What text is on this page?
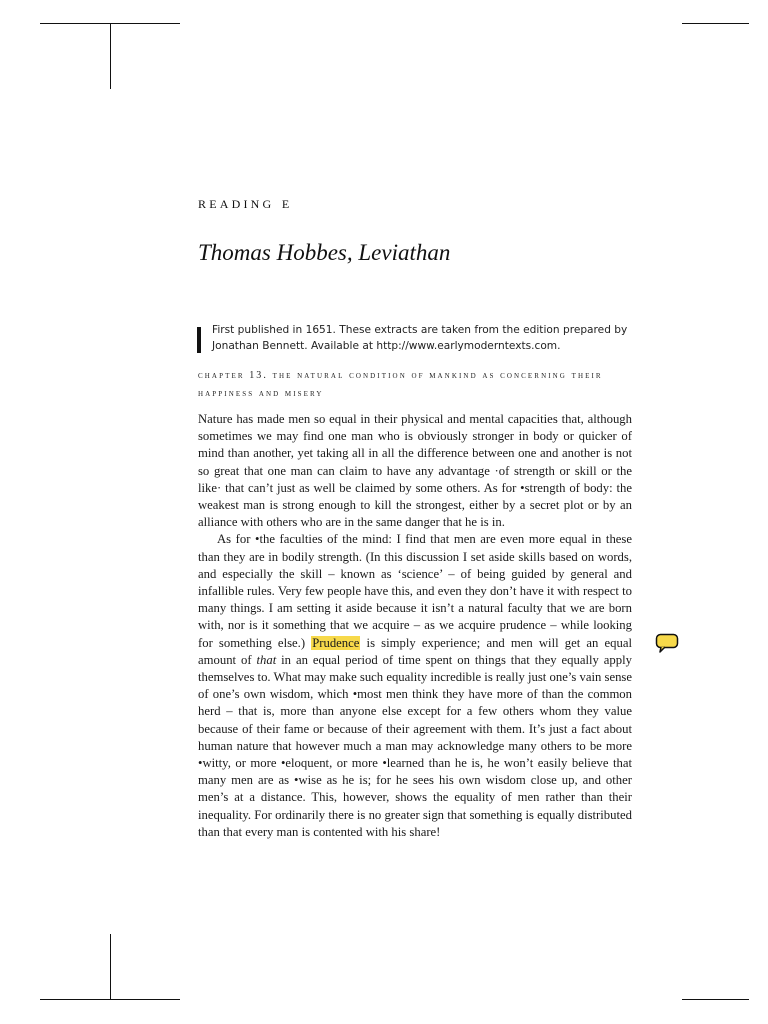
reading e
Thomas Hobbes, Leviathan
First published in 1651. These extracts are taken from the edition prepared by
Jonathan Bennett. Available at http://www.earlymoderntexts.com.
chapter 13. the natural condition of mankind as concerning their happiness and misery

Nature has made men so equal in their physical and mental capacities that, although sometimes we may find one man who is obviously stronger in body or quicker of mind than another, yet taking all in all the difference between one and another is not so great that one man can claim to have any advantage ·of strength or skill or the like· that can’t just as well be claimed by some others. As for •strength of body: the weakest man is strong enough to kill the strongest, either by a secret plot or by an alliance with others who are in the same danger that he is in.

As for •the faculties of the mind: I find that men are even more equal in these than they are in bodily strength. (In this discussion I set aside skills based on words, and especially the skill – known as ‘science’ – of being guided by general and infallible rules. Very few people have this, and even they don’t have it with respect to many things. I am setting it aside because it isn’t a natural faculty that we are born with, nor is it something that we acquire – as we acquire prudence – while looking for something else.) Prudence is simply experience; and men will get an equal amount of that in an equal period of time spent on things that they equally apply themselves to. What may make such equality incredible is really just one’s vain sense of one’s own wisdom, which •most men think they have more of than the common herd – that is, more than anyone else except for a few others whom they value because of their fame or because of their agreement with them. It’s just a fact about human nature that however much a man may acknowledge many others to be more •witty, or more •eloquent, or more •learned than he is, he won’t easily believe that many men are as •wise as he is; for he sees his own wisdom close up, and other men’s at a distance. This, however, shows the equality of men rather than their inequality. For ordinarily there is no greater sign that something is equally distributed than that every man is contented with his share!
